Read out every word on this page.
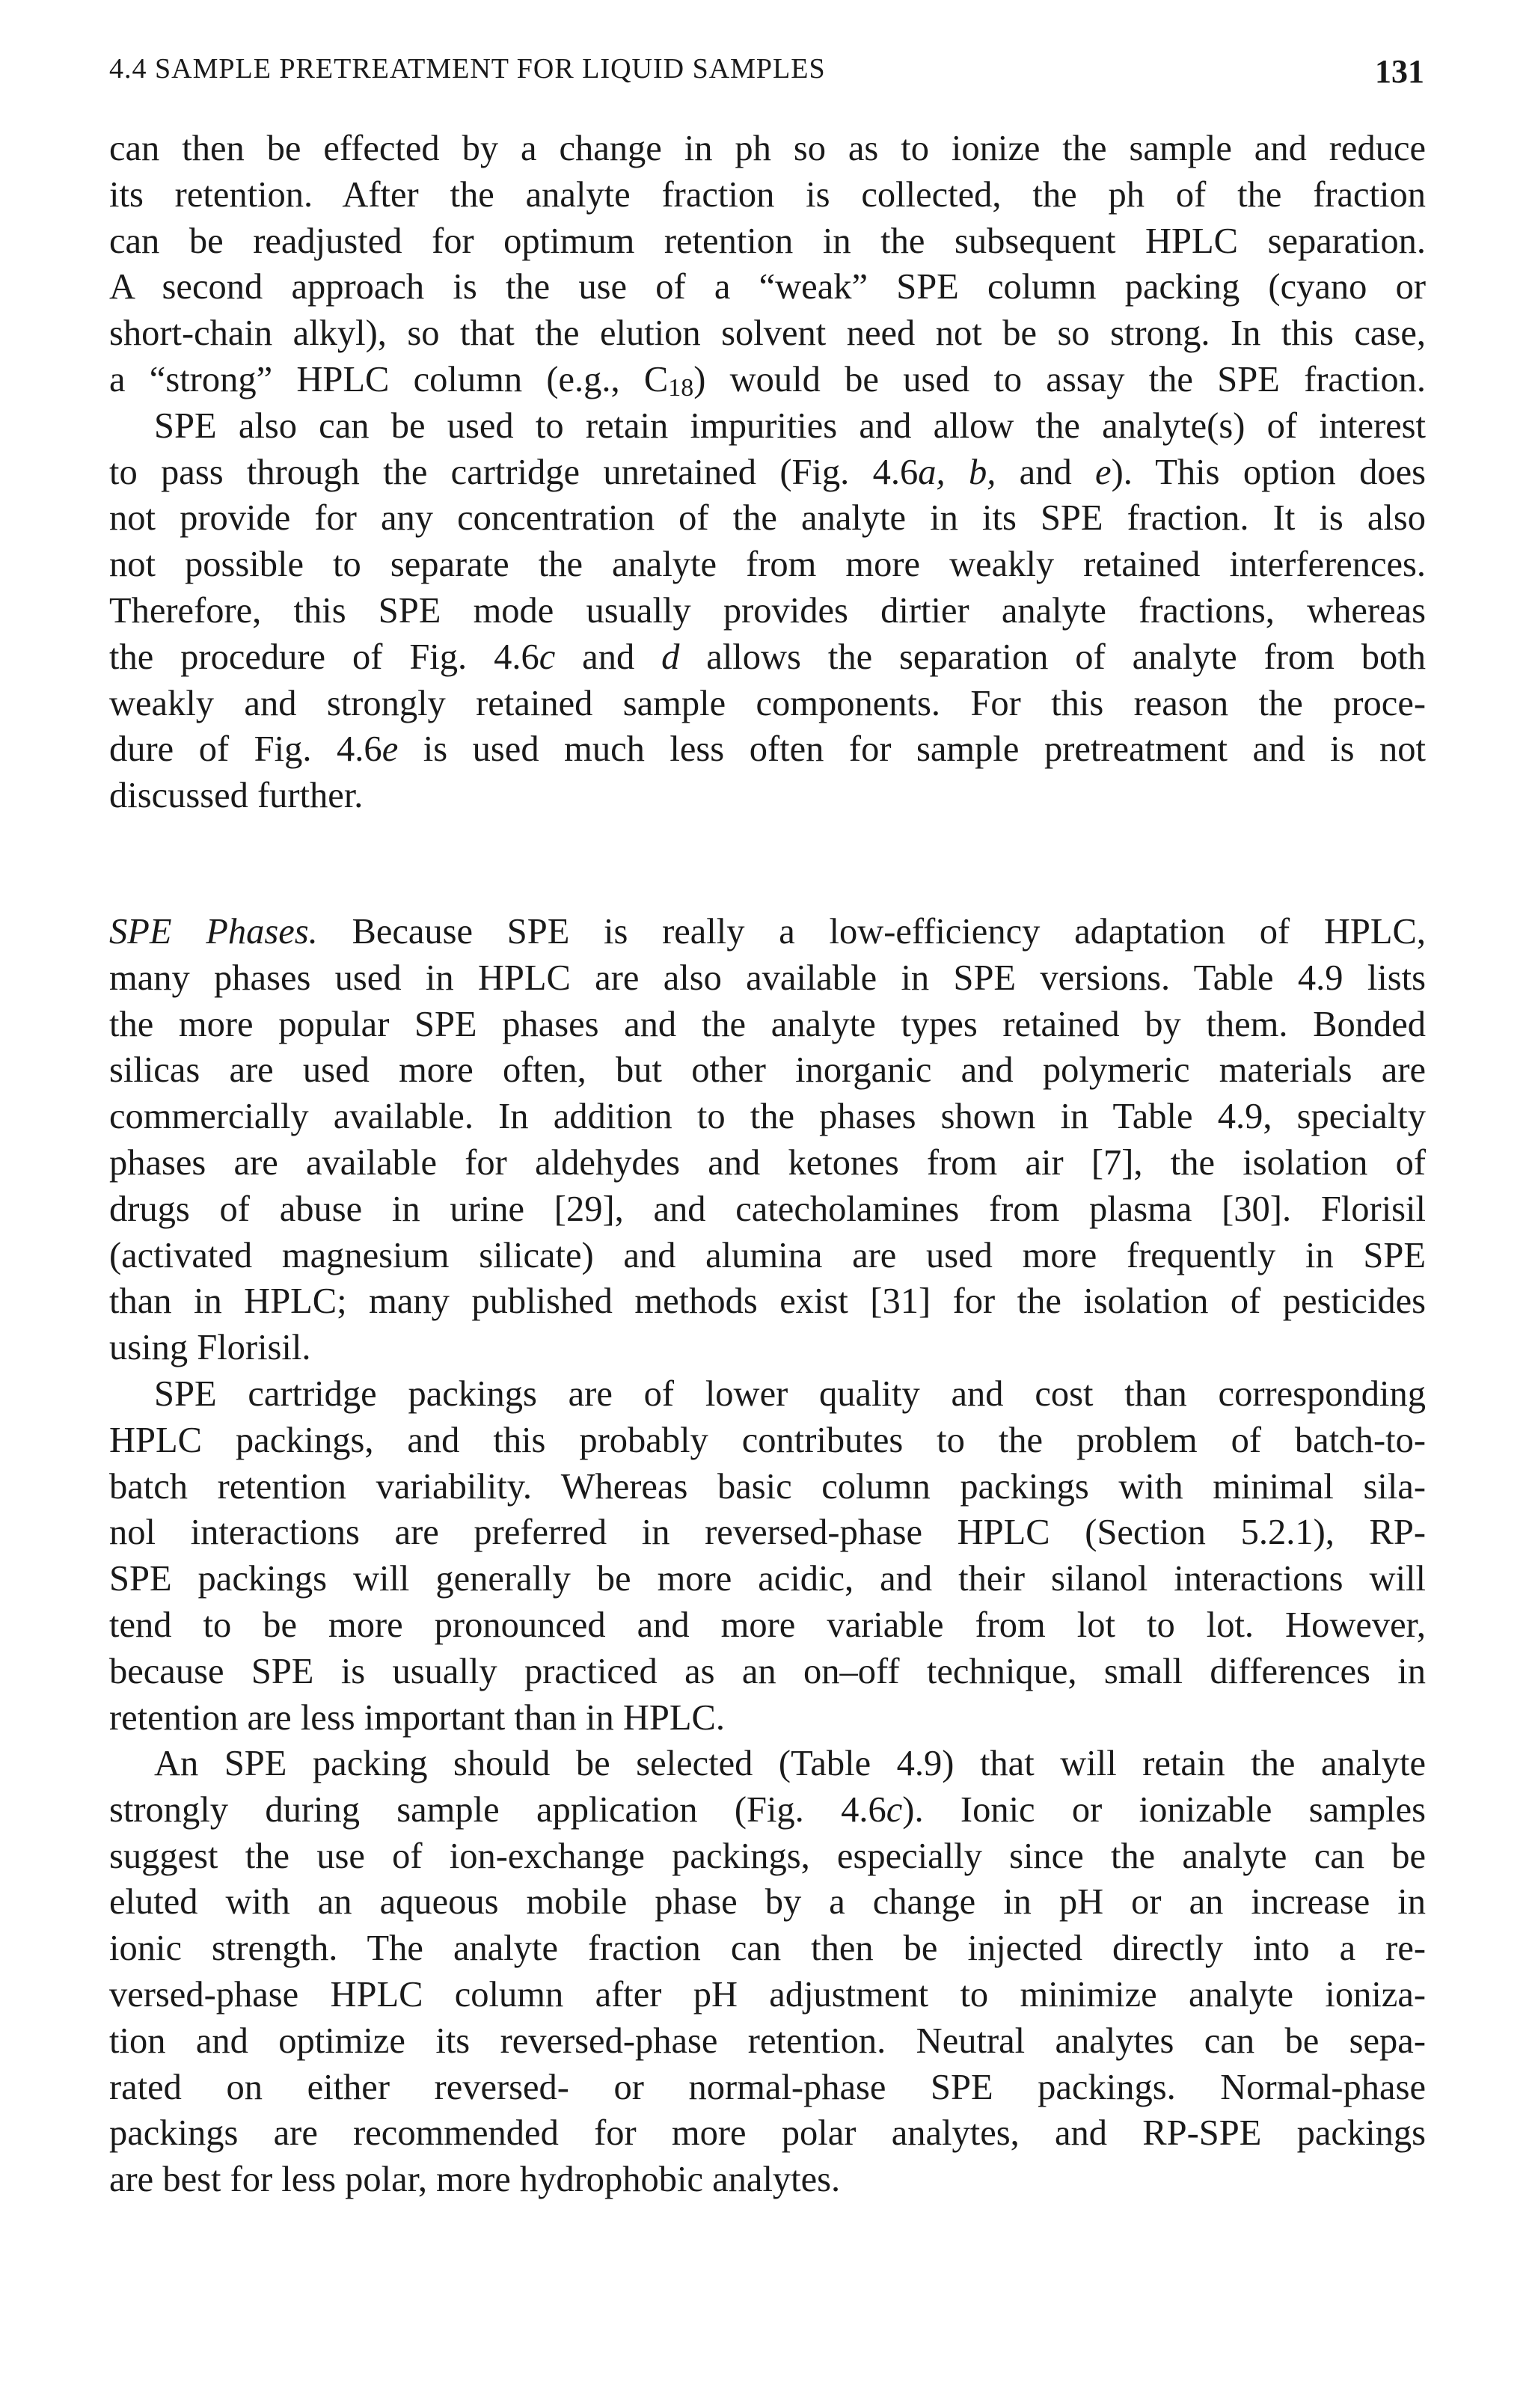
4.4 SAMPLE PRETREATMENT FOR LIQUID SAMPLES	131
can then be effected by a change in ph so as to ionize the sample and reduce
its retention. After the analyte fraction is collected, the ph of the fraction
can be readjusted for optimum retention in the subsequent HPLC separation.
A second approach is the use of a “weak” SPE column packing (cyano or
short-chain alkyl), so that the elution solvent need not be so strong. In this case,
a “strong” HPLC column (e.g., $C_{18}$) would be used to assay the SPE fraction.
SPE also can be used to retain impurities and allow the analyte(s) of interest
to pass through the cartridge unretained (Fig. 4.6a, b, and e). This option does
not provide for any concentration of the analyte in its SPE fraction. It is also
not possible to separate the analyte from more weakly retained interferences.
Therefore, this SPE mode usually provides dirtier analyte fractions, whereas
the procedure of Fig. 4.6c and d allows the separation of analyte from both
weakly and strongly retained sample components. For this reason the proce-
dure of Fig. 4.6e is used much less often for sample pretreatment and is not
discussed further.
SPE Phases. Because SPE is really a low-efficiency adaptation of HPLC,
many phases used in HPLC are also available in SPE versions. Table 4.9 lists
the more popular SPE phases and the analyte types retained by them. Bonded
silicas are used more often, but other inorganic and polymeric materials are
commercially available. In addition to the phases shown in Table 4.9, specialty
phases are available for aldehydes and ketones from air [7], the isolation of
drugs of abuse in urine [29], and catecholamines from plasma [30]. Florisil
(activated magnesium silicate) and alumina are used more frequently in SPE
than in HPLC; many published methods exist [31] for the isolation of pesticides
using Florisil.
SPE cartridge packings are of lower quality and cost than corresponding
HPLC packings, and this probably contributes to the problem of batch-to-
batch retention variability. Whereas basic column packings with minimal sila-
nol interactions are preferred in reversed-phase HPLC (Section 5.2.1), RP-
SPE packings will generally be more acidic, and their silanol interactions will
tend to be more pronounced and more variable from lot to lot. However,
because SPE is usually practiced as an on–off technique, small differences in
retention are less important than in HPLC.
An SPE packing should be selected (Table 4.9) that will retain the analyte
strongly during sample application (Fig. 4.6c). Ionic or ionizable samples
suggest the use of ion-exchange packings, especially since the analyte can be
eluted with an aqueous mobile phase by a change in pH or an increase in
ionic strength. The analyte fraction can then be injected directly into a re-
versed-phase HPLC column after pH adjustment to minimize analyte ioniza-
tion and optimize its reversed-phase retention. Neutral analytes can be sepa-
rated on either reversed- or normal-phase SPE packings. Normal-phase
packings are recommended for more polar analytes, and RP-SPE packings
are best for less polar, more hydrophobic analytes.
